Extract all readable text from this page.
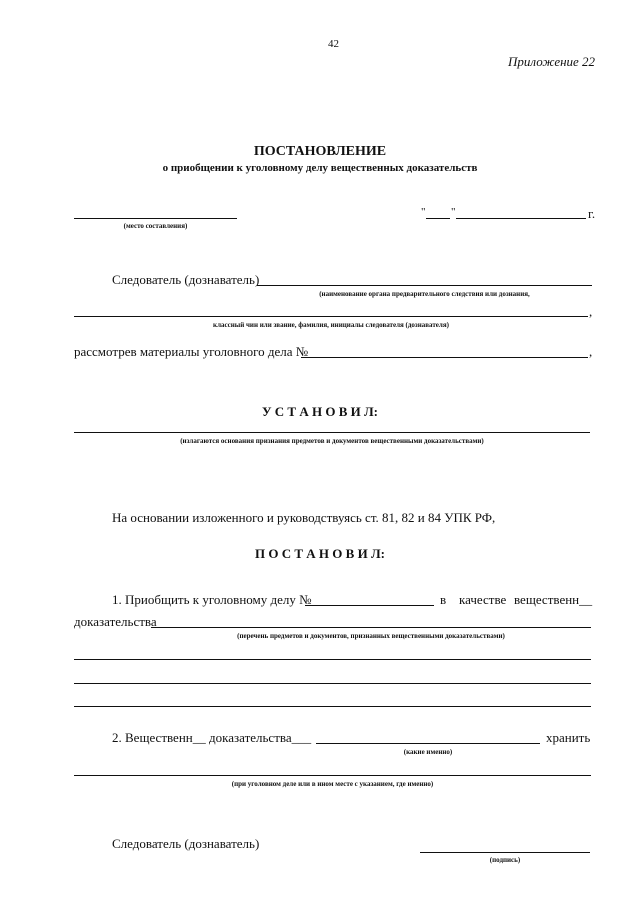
42
Приложение 22
ПОСТАНОВЛЕНИЕ
о приобщении к уголовному делу вещественных доказательств
(место составления)
" "	г.
Следователь (дознаватель)
(наименование органа предварительного следствия или дознания,
,
классный чин или звание, фамилия, инициалы следователя (дознавателя)
рассмотрев материалы уголовного дела №	,
У С Т А Н О В И Л:
(излагаются основания признания предметов и документов вещественными доказательствами)
На основании изложенного и руководствуясь ст. 81, 82 и 84 УПК РФ,
П О С Т А Н О В И Л:
1. Приобщить к уголовному делу №	в качестве вещественн__
доказательства
(перечень предметов и документов, признанных вещественными доказательствами)
2. Вещественн__ доказательства___
(какие именно)
хранить
(при уголовном деле или в ином месте с указанием, где именно)
Следователь (дознаватель)
(подпись)
